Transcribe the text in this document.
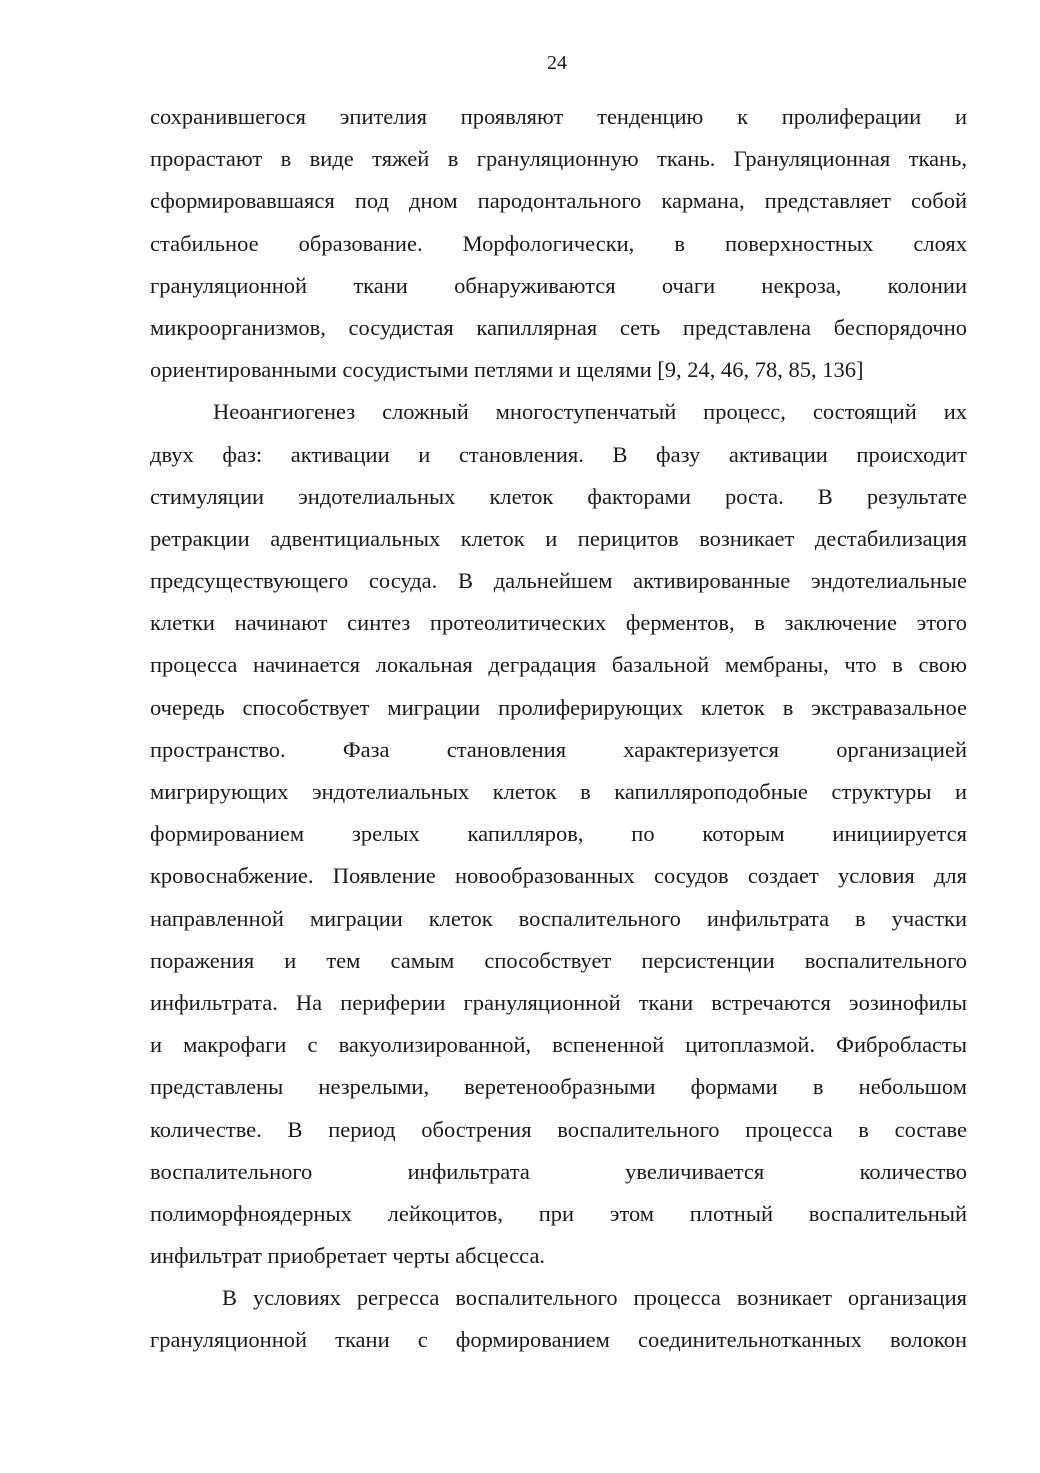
24
сохранившегося эпителия проявляют тенденцию к пролиферации и
прорастают в виде тяжей в грануляционную ткань. Грануляционная ткань,
сформировавшаяся под дном пародонтального кармана, представляет собой
стабильное образование. Морфологически, в поверхностных слоях
грануляционной ткани обнаруживаются очаги некроза, колонии
микроорганизмов, сосудистая капиллярная сеть представлена беспорядочно
ориентированными сосудистыми петлями и щелями [9, 24, 46, 78, 85, 136]
Неоангиогенез сложный многоступенчатый процесс, состоящий их
двух фаз: активации и становления. В фазу активации происходит
стимуляции эндотелиальных клеток факторами роста. В результате
ретракции адвентициальных клеток и перицитов возникает дестабилизация
предсуществующего сосуда. В дальнейшем активированные эндотелиальные
клетки начинают синтез протеолитических ферментов, в заключение этого
процесса начинается локальная деградация базальной мембраны, что в свою
очередь способствует миграции пролиферирующих клеток в экстравазальное
пространство. Фаза становления характеризуется организацией
мигрирующих эндотелиальных клеток в капилляроподобные структуры и
формированием зрелых капилляров, по которым инициируется
кровоснабжение. Появление новообразованных сосудов создает условия для
направленной миграции клеток воспалительного инфильтрата в участки
поражения и тем самым способствует персистенции воспалительного
инфильтрата. На периферии грануляционной ткани встречаются эозинофилы
и макрофаги с вакуолизированной, вспененной цитоплазмой. Фибробласты
представлены незрелыми, веретенообразными формами в небольшом
количестве. В период обострения воспалительного процесса в составе
воспалительного инфильтрата увеличивается количество
полиморфноядерных лейкоцитов, при этом плотный воспалительный
инфильтрат приобретает черты абсцесса.
В условиях регресса воспалительного процесса возникает организация
грануляционной ткани с формированием соединительнотканных волокон
